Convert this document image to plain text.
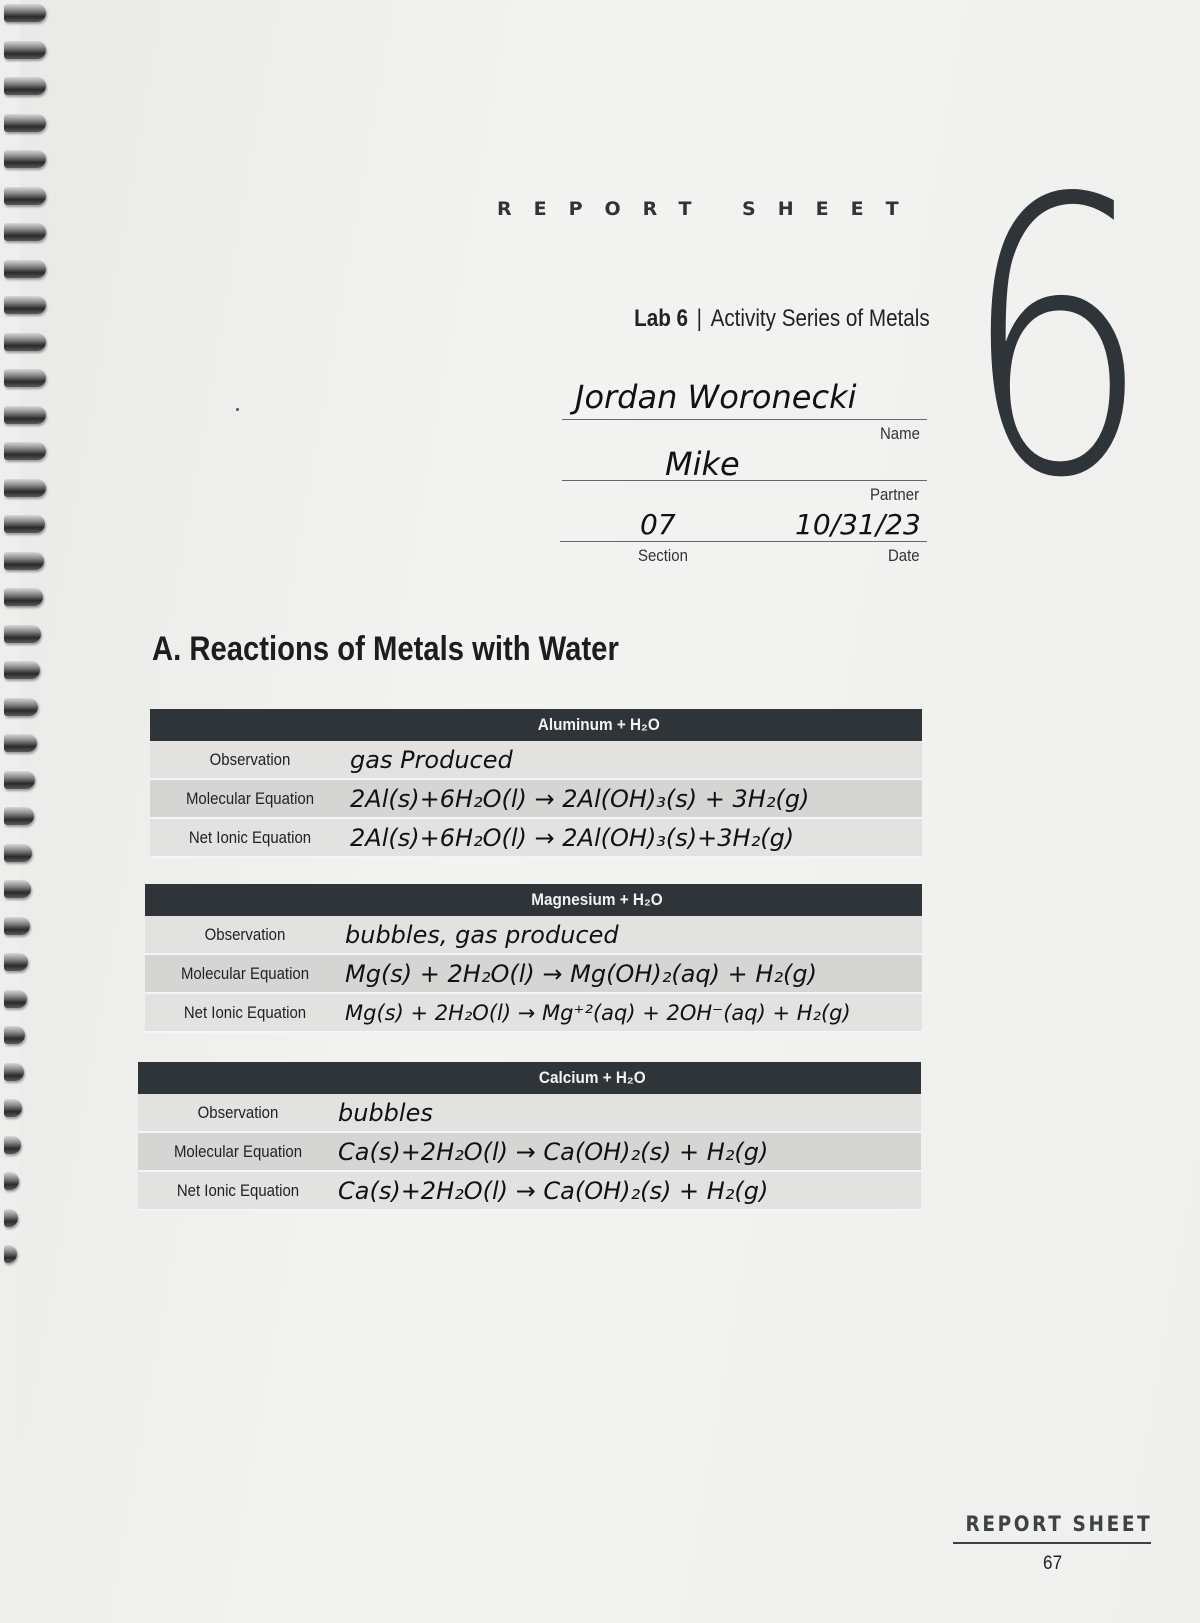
REPORT SHEET 6
Lab 6 | Activity Series of Metals
Jordan Woronecki
Name
Mike
Partner
07	10/31/23
Section	Date
A. Reactions of Metals with Water
Aluminum + H₂O
Observation	gas Produced
Molecular Equation	2Al(s)+6H₂O(l) → 2Al(OH)₃(s) + 3H₂(g)
Net Ionic Equation	2Al(s)+6H₂O(l) → 2Al(OH)₃(s)+3H₂(g)
Magnesium + H₂O
Observation	bubbles, gas produced
Molecular Equation	Mg(s) + 2H₂O(l) → Mg(OH)₂(aq) + H₂(g)
Net Ionic Equation	Mg(s) + 2H₂O(l) → Mg⁺²(aq) + 2OH⁻(aq) + H₂(g)
Calcium + H₂O
Observation	bubbles
Molecular Equation	Ca(s)+2H₂O(l) → Ca(OH)₂(s) + H₂(g)
Net Ionic Equation	Ca(s)+2H₂O(l) → Ca(OH)₂(s) + H₂(g)
REPORT SHEET
67
